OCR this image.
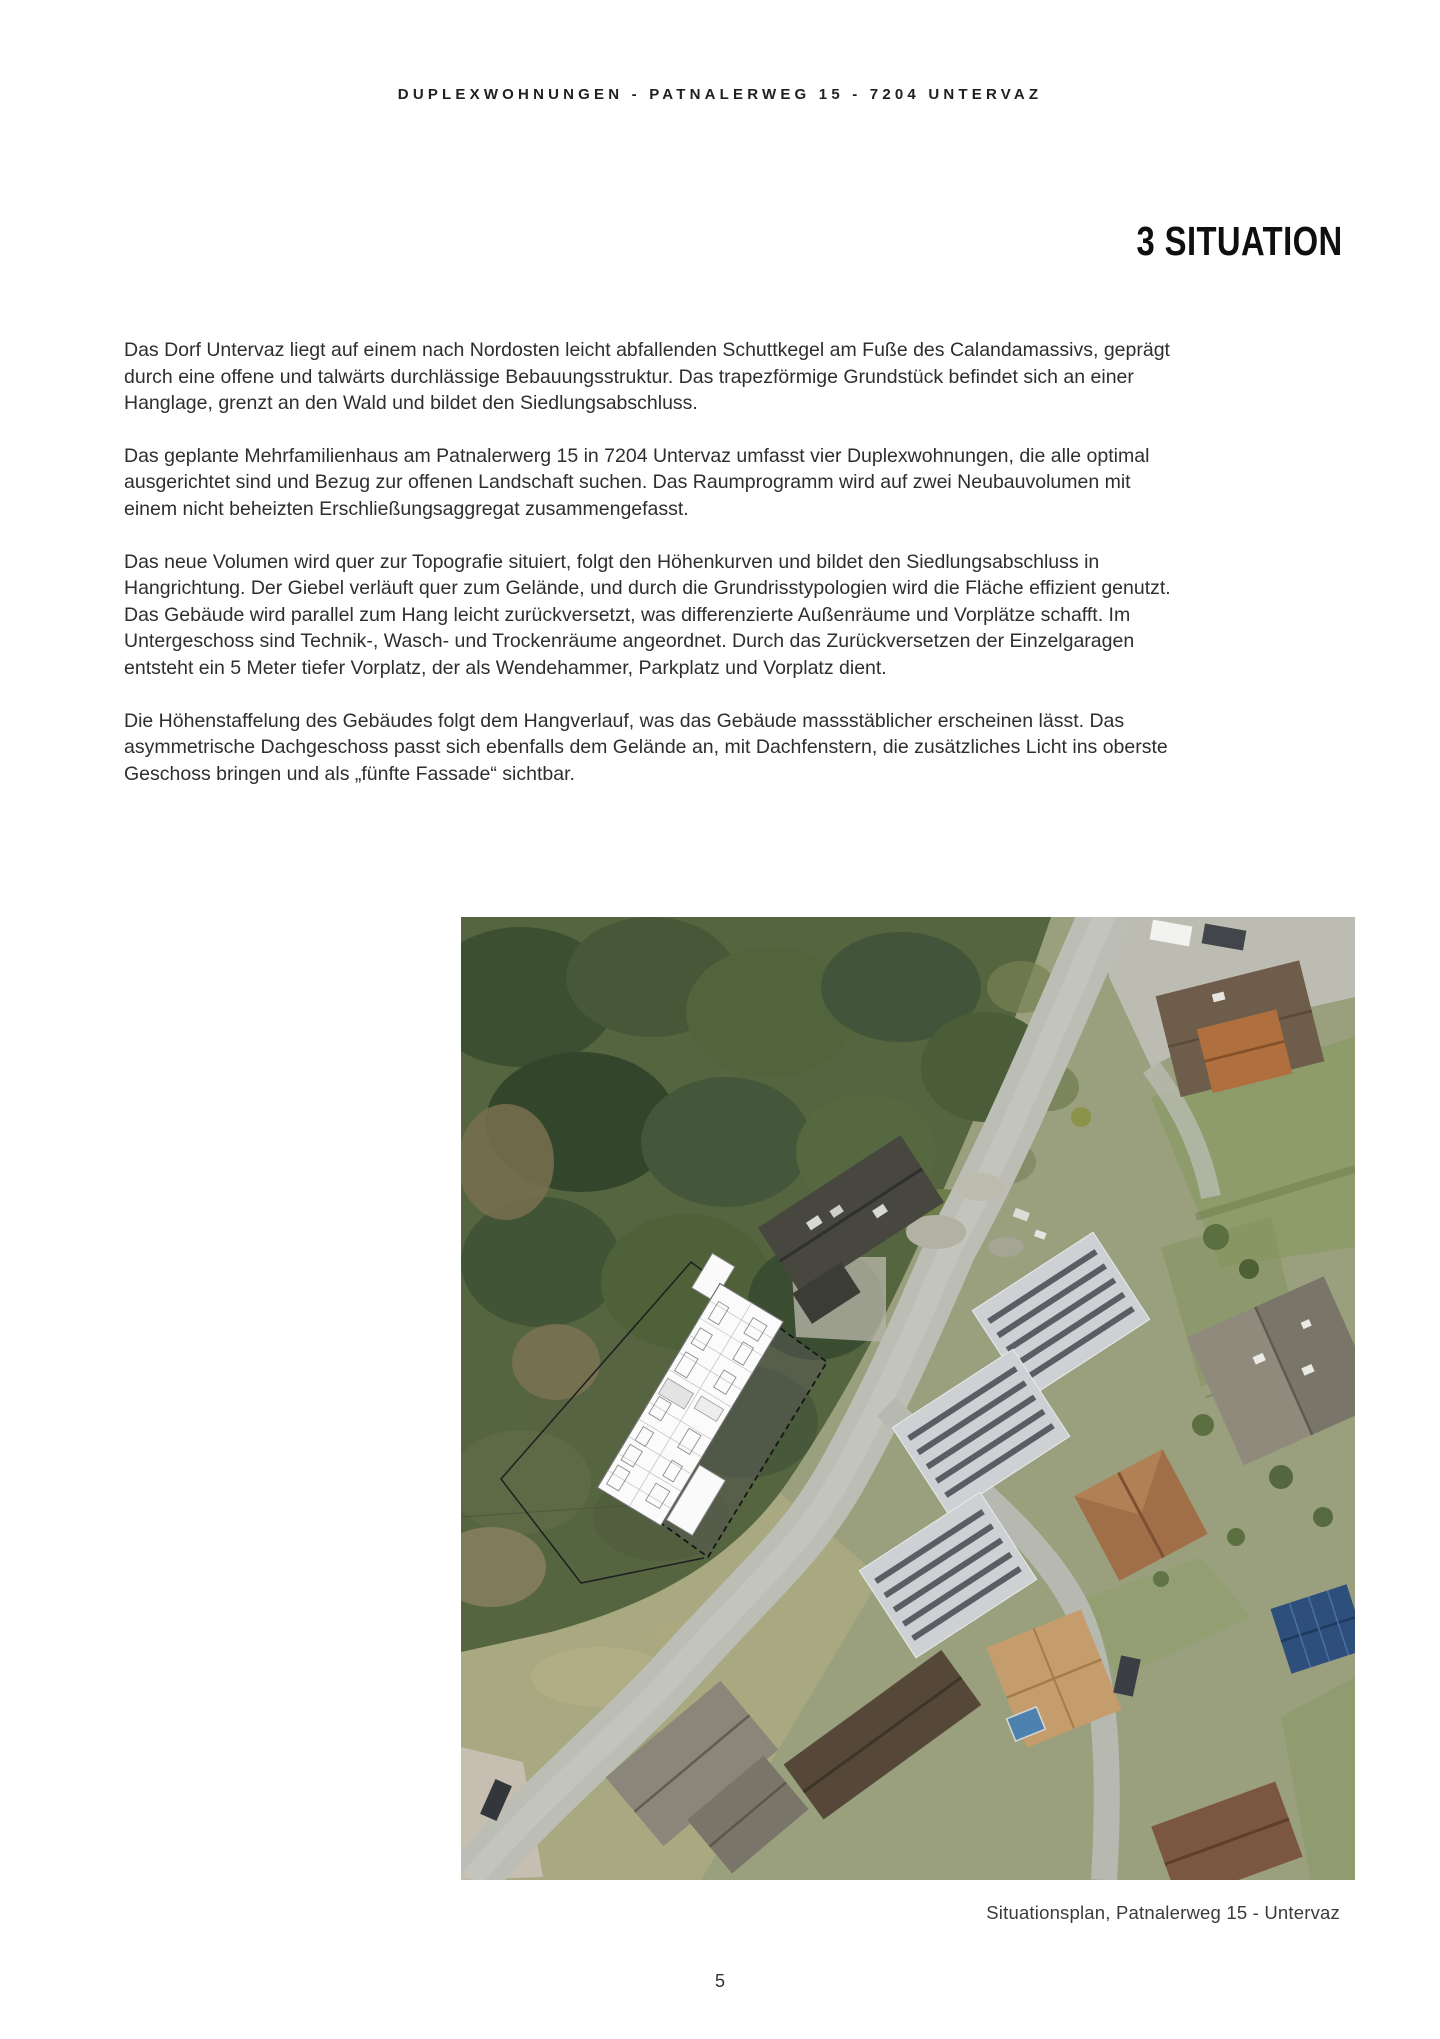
DUPLEXWOHNUNGEN - PATNALERWEG 15 - 7204 UNTERVAZ
3 SITUATION

Das Dorf Untervaz liegt auf einem nach Nordosten leicht abfallenden Schuttkegel am Fuße des Calandamassivs, geprägt durch eine offene und talwärts durchlässige Bebauungsstruktur. Das trapezförmige Grundstück befindet sich an einer Hanglage, grenzt an den Wald und bildet den Siedlungsabschluss.

Das geplante Mehrfamilienhaus am Patnalerwerg 15 in 7204 Untervaz umfasst vier Duplexwohnungen, die alle optimal ausgerichtet sind und Bezug zur offenen Landschaft suchen. Das Raumprogramm wird auf zwei Neubauvolumen mit einem nicht beheizten Erschließungsaggregat zusammengefasst.

Das neue Volumen wird quer zur Topografie situiert, folgt den Höhenkurven und bildet den Siedlungsabschluss in Hangrichtung. Der Giebel verläuft quer zum Gelände, und durch die Grundrisstypologien wird die Fläche effizient genutzt. Das Gebäude wird parallel zum Hang leicht zurückversetzt, was differenzierte Außenräume und Vorplätze schafft. Im Untergeschoss sind Technik-, Wasch- und Trockenräume angeordnet. Durch das Zurückversetzen der Einzelgaragen entsteht ein 5 Meter tiefer Vorplatz, der als Wendehammer, Parkplatz und Vorplatz dient.

Die Höhenstaffelung des Gebäudes folgt dem Hangverlauf, was das Gebäude massstäblicher erscheinen lässt. Das asymmetrische Dachgeschoss passt sich ebenfalls dem Gelände an, mit Dachfenstern, die zusätzliches Licht ins oberste Geschoss bringen und als „fünfte Fassade“ sichtbar.

Situationsplan, Patnalerweg 15 - Untervaz
5
